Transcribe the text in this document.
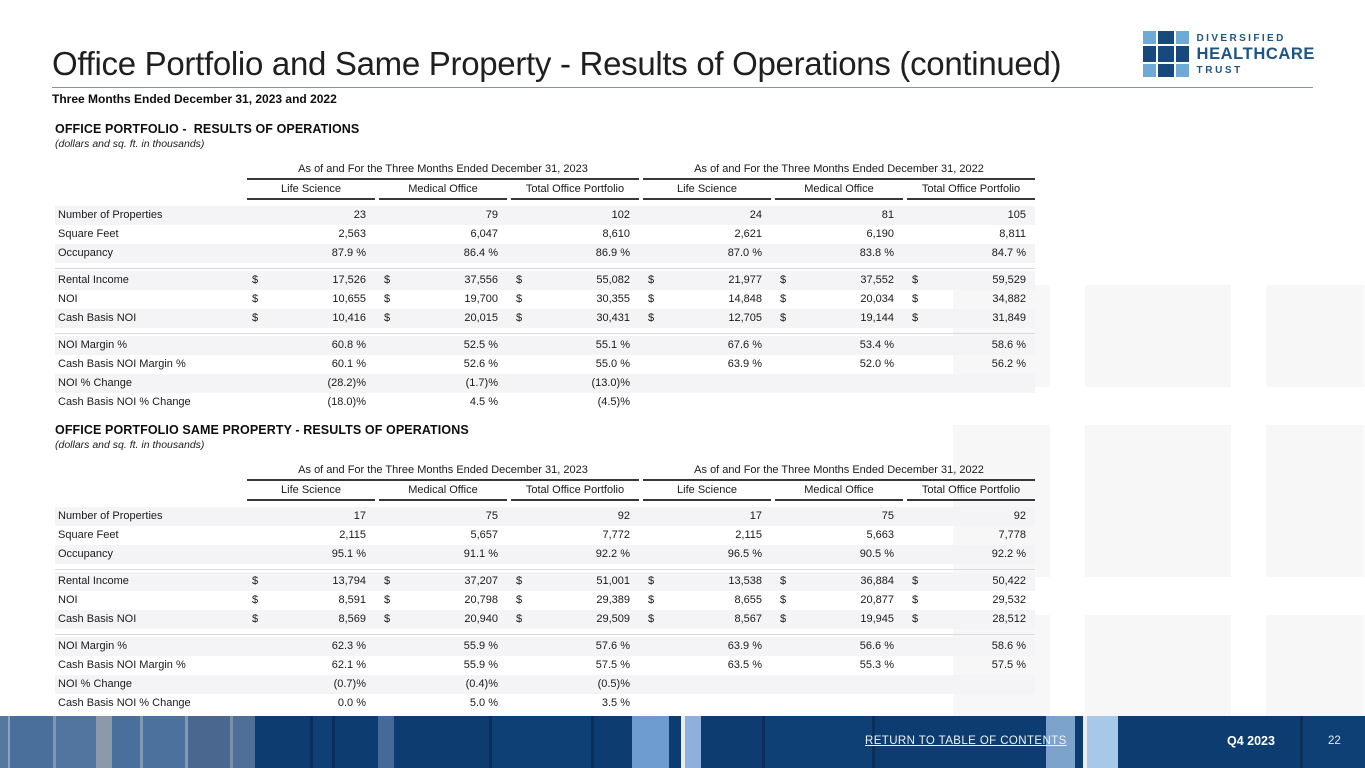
Office Portfolio and Same Property - Results of Operations (continued)
DIVERSIFIED
HEALTHCARE
TRUST
Three Months Ended December 31, 2023 and 2022
OFFICE PORTFOLIO -  RESULTS OF OPERATIONS
(dollars and sq. ft. in thousands)
As of and For the Three Months Ended December 31, 2023	As of and For the Three Months Ended December 31, 2022
Life Science	Medical Office	Total Office Portfolio	Life Science	Medical Office	Total Office Portfolio
Number of Properties	23	79	102	24	81	105
Square Feet	2,563	6,047	8,610	2,621	6,190	8,811
Occupancy	87.9 %	86.4 %	86.9 %	87.0 %	83.8 %	84.7 %
Rental Income	$	17,526 $	37,556 $	55,082 $	21,977 $	37,552 $	59,529
NOI	$	10,655 $	19,700 $	30,355 $	14,848 $	20,034 $	34,882
Cash Basis NOI	$	10,416 $	20,015 $	30,431 $	12,705 $	19,144 $	31,849
NOI Margin %	60.8 %	52.5 %	55.1 %	67.6 %	53.4 %	58.6 %
Cash Basis NOI Margin %	60.1 %	52.6 %	55.0 %	63.9 %	52.0 %	56.2 %
NOI % Change	(28.2)%	(1.7)%	(13.0)%
Cash Basis NOI % Change	(18.0)%	4.5 %	(4.5)%
OFFICE PORTFOLIO SAME PROPERTY - RESULTS OF OPERATIONS
(dollars and sq. ft. in thousands)
As of and For the Three Months Ended December 31, 2023	As of and For the Three Months Ended December 31, 2022
Life Science	Medical Office	Total Office Portfolio	Life Science	Medical Office	Total Office Portfolio
Number of Properties	17	75	92	17	75	92
Square Feet	2,115	5,657	7,772	2,115	5,663	7,778
Occupancy	95.1 %	91.1 %	92.2 %	96.5 %	90.5 %	92.2 %
Rental Income	$	13,794 $	37,207 $	51,001 $	13,538 $	36,884 $	50,422
NOI	$	8,591 $	20,798 $	29,389 $	8,655 $	20,877 $	29,532
Cash Basis NOI	$	8,569 $	20,940 $	29,509 $	8,567 $	19,945 $	28,512
NOI Margin %	62.3 %	55.9 %	57.6 %	63.9 %	56.6 %	58.6 %
Cash Basis NOI Margin %	62.1 %	55.9 %	57.5 %	63.5 %	55.3 %	57.5 %
NOI % Change	(0.7)%	(0.4)%	(0.5)%
Cash Basis NOI % Change	0.0 %	5.0 %	3.5 %
RETURN TO TABLE OF CONTENTS	Q4 2023	22
